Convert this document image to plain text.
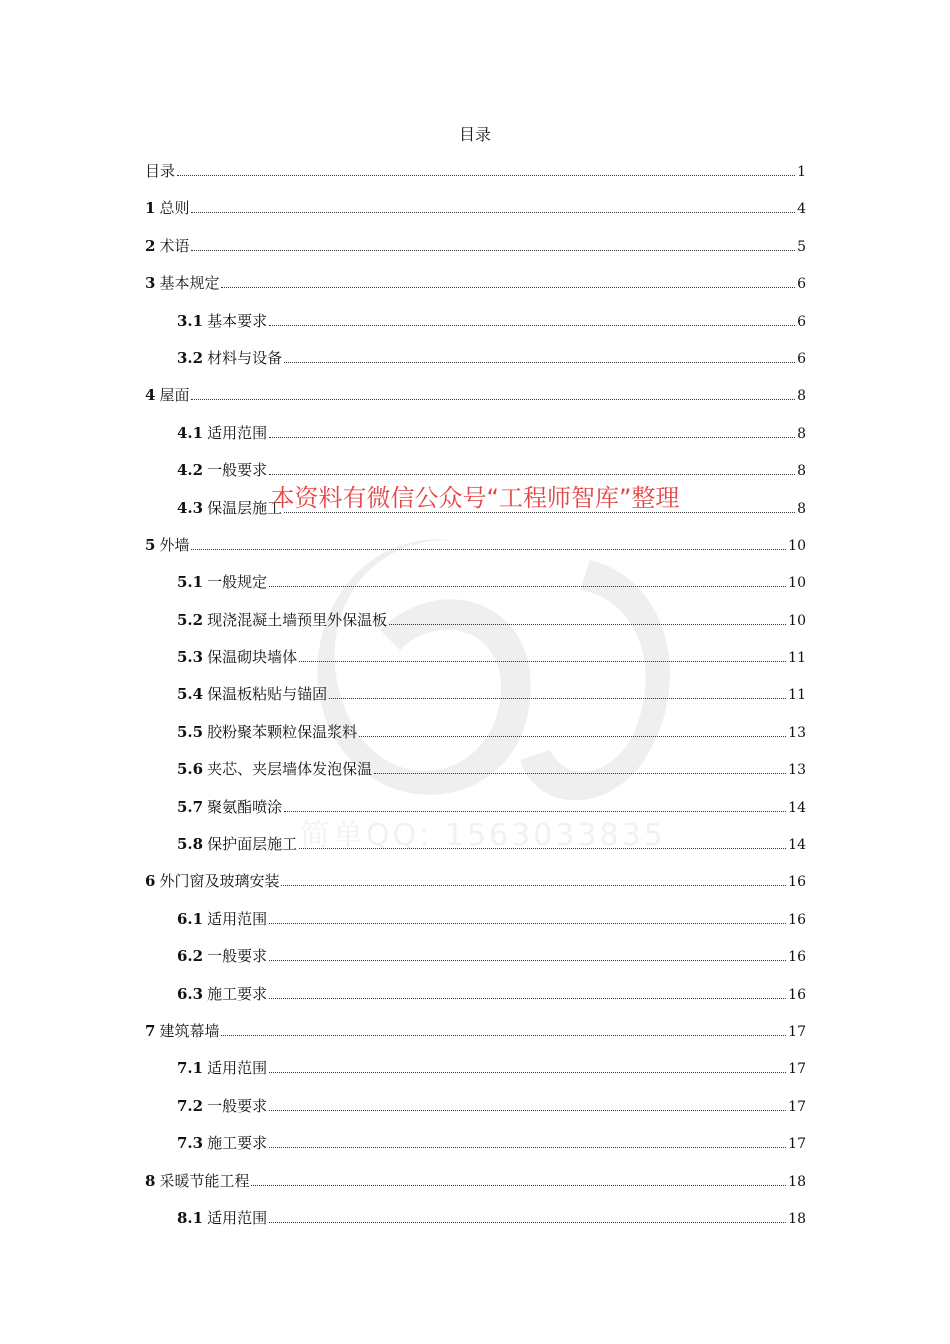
简单QQ: 1563033835
目录
目录	1
1 总则	4
2 术语	5
3 基本规定	6
3.1 基本要求	6
3.2 材料与设备	6
4 屋面	8
4.1 适用范围	8
4.2 一般要求	8
4.3 保温层施工	8
5 外墙	10
5.1 一般规定	10
5.2 现浇混凝土墙预里外保温板	10
5.3 保温砌块墙体	11
5.4 保温板粘贴与锚固	11
5.5 胶粉聚苯颗粒保温浆料	13
5.6 夹芯、夹层墙体发泡保温	13
5.7 聚氨酯喷涂	14
5.8 保护面层施工	14
6 外门窗及玻璃安装	16
6.1 适用范围	16
6.2 一般要求	16
6.3 施工要求	16
7 建筑幕墙	17
7.1 适用范围	17
7.2 一般要求	17
7.3 施工要求	17
8 采暖节能工程	18
8.1 适用范围	18
本资料有微信公众号“工程师智库”整理
